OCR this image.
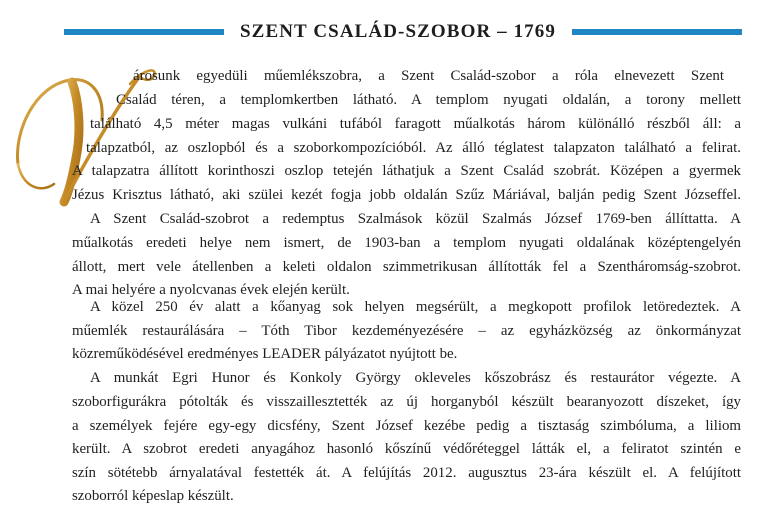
SZENT CSALÁD-SZOBOR – 1769
árosunk egyedüli műemlékszobra, a Szent Család-szobor a róla elnevezett Szent
Család téren, a templomkertben látható. A templom nyugati oldalán, a torony mellett
található 4,5 méter magas vulkáni tufából faragott műalkotás három különálló részből áll: a
talapzatból, az oszlopból és a szoborkompozícióból. Az álló téglatest talapzaton található a felirat.
A talapzatra állított korinthoszi oszlop tetején láthatjuk a Szent Család szobrát. Középen a gyermek
Jézus Krisztus látható, aki szülei kezét fogja jobb oldalán Szűz Máriával, balján pedig Szent Józseffel.
A Szent Család-szobrot a redemptus Szalmások közül Szalmás József 1769-ben állíttatta. A
műalkotás eredeti helye nem ismert, de 1903-ban a templom nyugati oldalának középtengelyén
állott, mert vele átellenben a keleti oldalon szimmetrikusan állították fel a Szentháromság-szobrot.
A mai helyére a nyolcvanas évek elején került.
A közel 250 év alatt a kőanyag sok helyen megsérült, a megkopott profilok letöredeztek. A
műemlék restaurálására – Tóth Tibor kezdeményezésére – az egyházközség az önkormányzat
közreműködésével eredményes LEADER pályázatot nyújtott be.
A munkát Egri Hunor és Konkoly György okleveles kőszobrász és restaurátor végezte. A
szoborfigurákra pótolták és visszaillesztették az új horganyból készült bearanyozott díszeket, így
a személyek fejére egy-egy dicsfény, Szent József kezébe pedig a tisztaság szimbóluma, a liliom
került. A szobrot eredeti anyagához hasonló kőszínű védőréteggel látták el, a feliratot szintén e
szín sötétebb árnyalatával festették át. A felújítás 2012. augusztus 23-ára készült el. A felújított
szoborról képeslap készült.
